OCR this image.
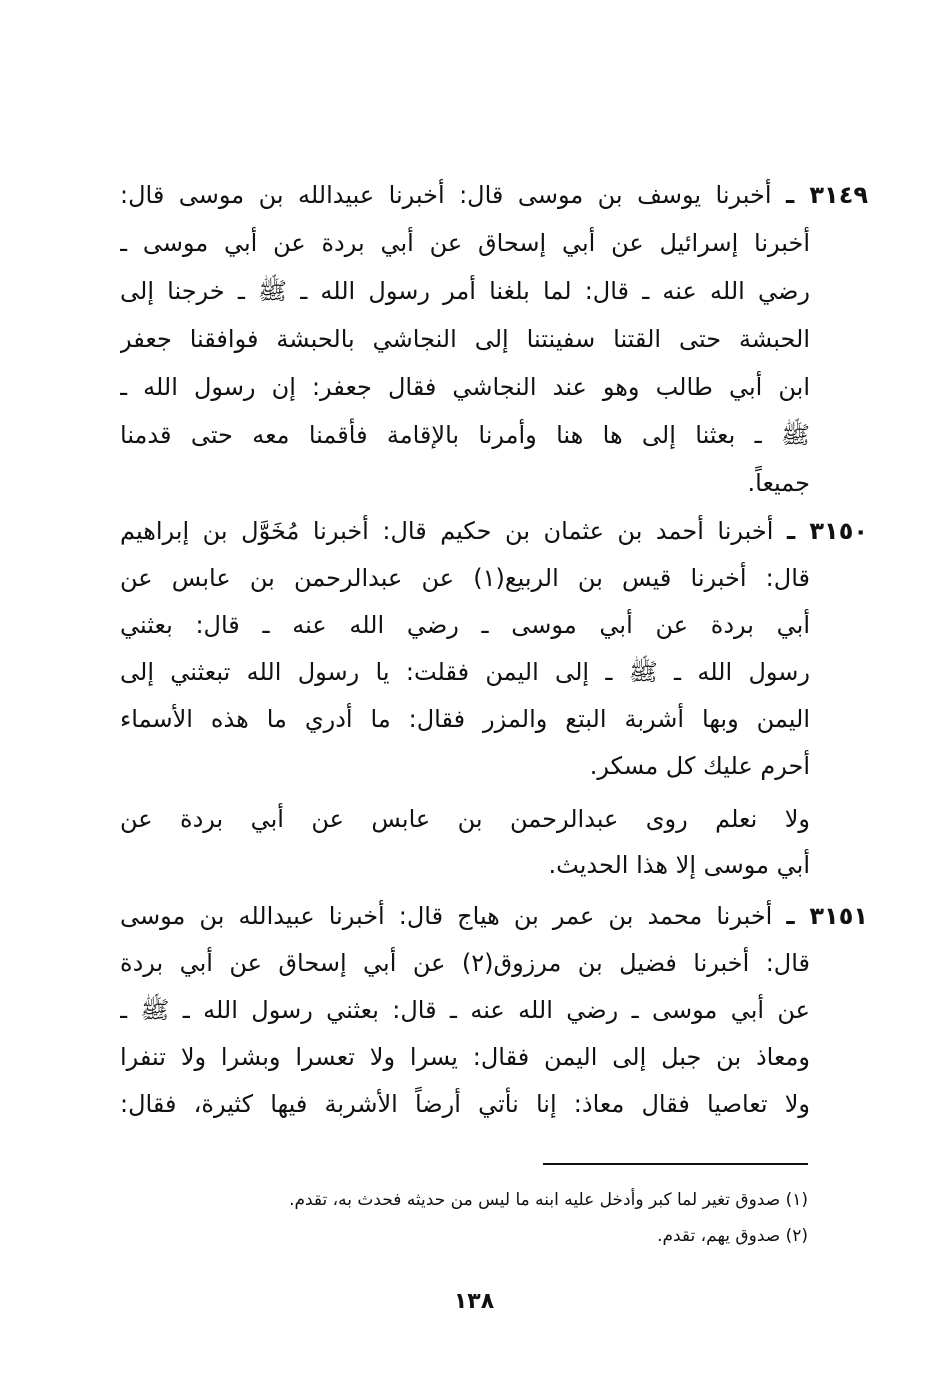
٣١٤٩ ـ أخبرنا يوسف بن موسى قال: أخبرنا عبيدالله بن موسى قال:
أخبرنا إسرائيل عن أبي إسحاق عن أبي بردة عن أبي موسى ـ
رضي الله عنه ـ قال: لما بلغنا أمر رسول الله ـ ﷺ ـ خرجنا إلى
الحبشة حتى القتنا سفينتنا إلى النجاشي بالحبشة فوافقنا جعفر
ابن أبي طالب وهو عند النجاشي فقال جعفر: إن رسول الله ـ
ﷺ ـ بعثنا إلى ها هنا وأمرنا بالإقامة فأقمنا معه حتى قدمنا
جميعاً.
٣١٥٠ ـ أخبرنا أحمد بن عثمان بن حكيم قال: أخبرنا مُخَوَّل بن إبراهيم
قال: أخبرنا قيس بن الربيع(١) عن عبدالرحمن بن عابس عن
أبي بردة عن أبي موسى ـ رضي الله عنه ـ قال: بعثني
رسول الله ـ ﷺ ـ إلى اليمن فقلت: يا رسول الله تبعثني إلى
اليمن وبها أشربة البتع والمزر فقال: ما أدري ما هذه الأسماء
أحرم عليك كل مسكر.
ولا نعلم روى عبدالرحمن بن عابس عن أبي بردة عن
أبي موسى إلا هذا الحديث.
٣١٥١ ـ أخبرنا محمد بن عمر بن هياج قال: أخبرنا عبيدالله بن موسى
قال: أخبرنا فضيل بن مرزوق(٢) عن أبي إسحاق عن أبي بردة
عن أبي موسى ـ رضي الله عنه ـ قال: بعثني رسول الله ـ ﷺ ـ
ومعاذ بن جبل إلى اليمن فقال: يسرا ولا تعسرا وبشرا ولا تنفرا
ولا تعاصيا فقال معاذ: إنا نأتي أرضاً الأشربة فيها كثيرة، فقال:
(١) صدوق تغير لما كبر وأدخل عليه ابنه ما ليس من حديثه فحدث به، تقدم.
(٢) صدوق يهم، تقدم.
١٣٨
